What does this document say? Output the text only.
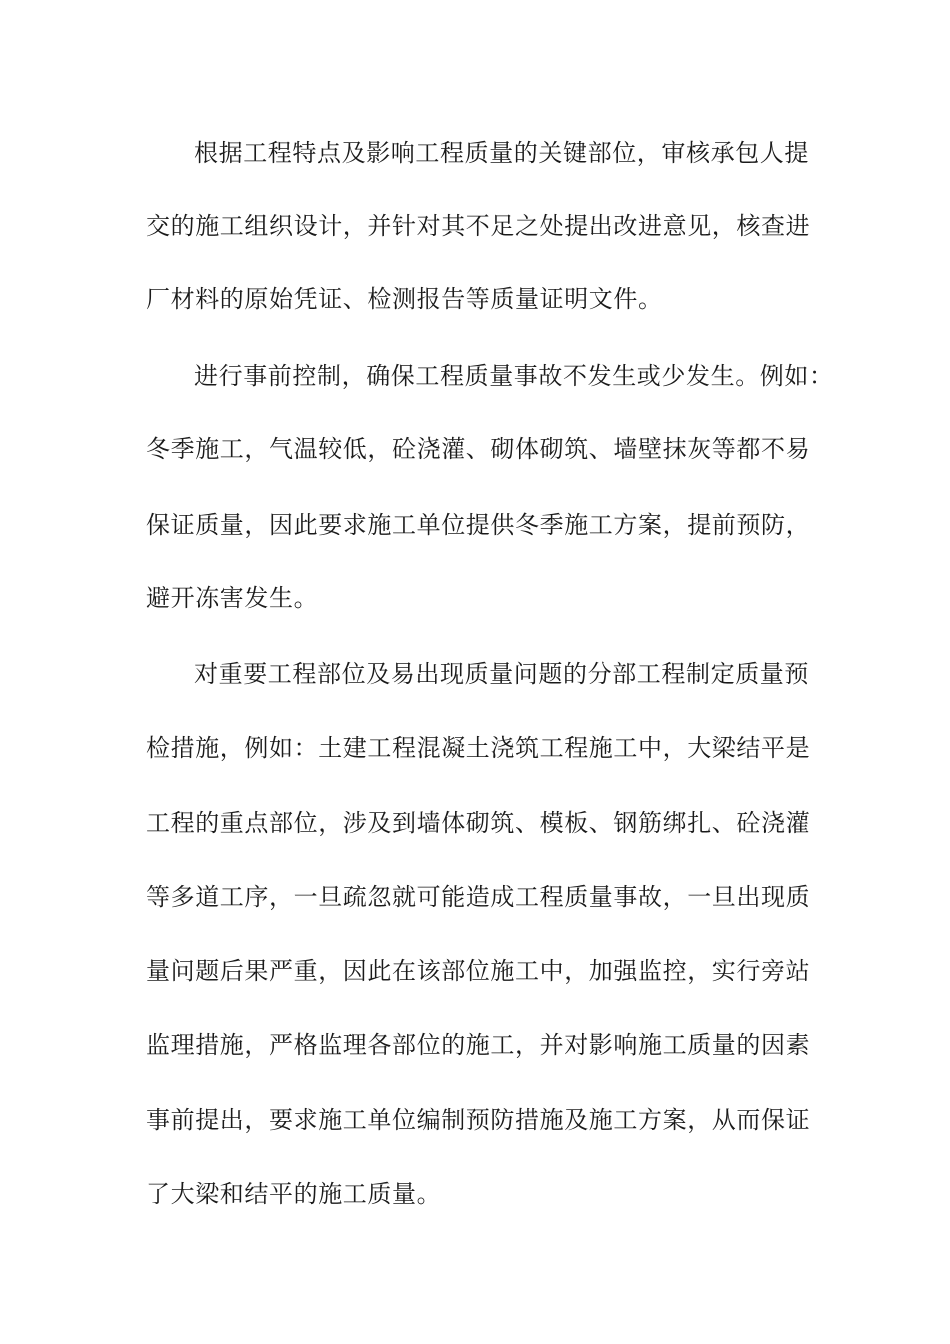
根据工程特点及影响工程质量的关键部位，审核承包人提
交的施工组织设计，并针对其不足之处提出改进意见，核查进
厂材料的原始凭证、检测报告等质量证明文件。
进行事前控制，确保工程质量事故不发生或少发生。例如：
冬季施工，气温较低，砼浇灌、砌体砌筑、墙壁抹灰等都不易
保证质量，因此要求施工单位提供冬季施工方案，提前预防，
避开冻害发生。
对重要工程部位及易出现质量问题的分部工程制定质量预
检措施，例如：土建工程混凝土浇筑工程施工中，大梁结平是
工程的重点部位，涉及到墙体砌筑、模板、钢筋绑扎、砼浇灌
等多道工序，一旦疏忽就可能造成工程质量事故，一旦出现质
量问题后果严重，因此在该部位施工中，加强监控，实行旁站
监理措施，严格监理各部位的施工，并对影响施工质量的因素
事前提出，要求施工单位编制预防措施及施工方案，从而保证
了大梁和结平的施工质量。
